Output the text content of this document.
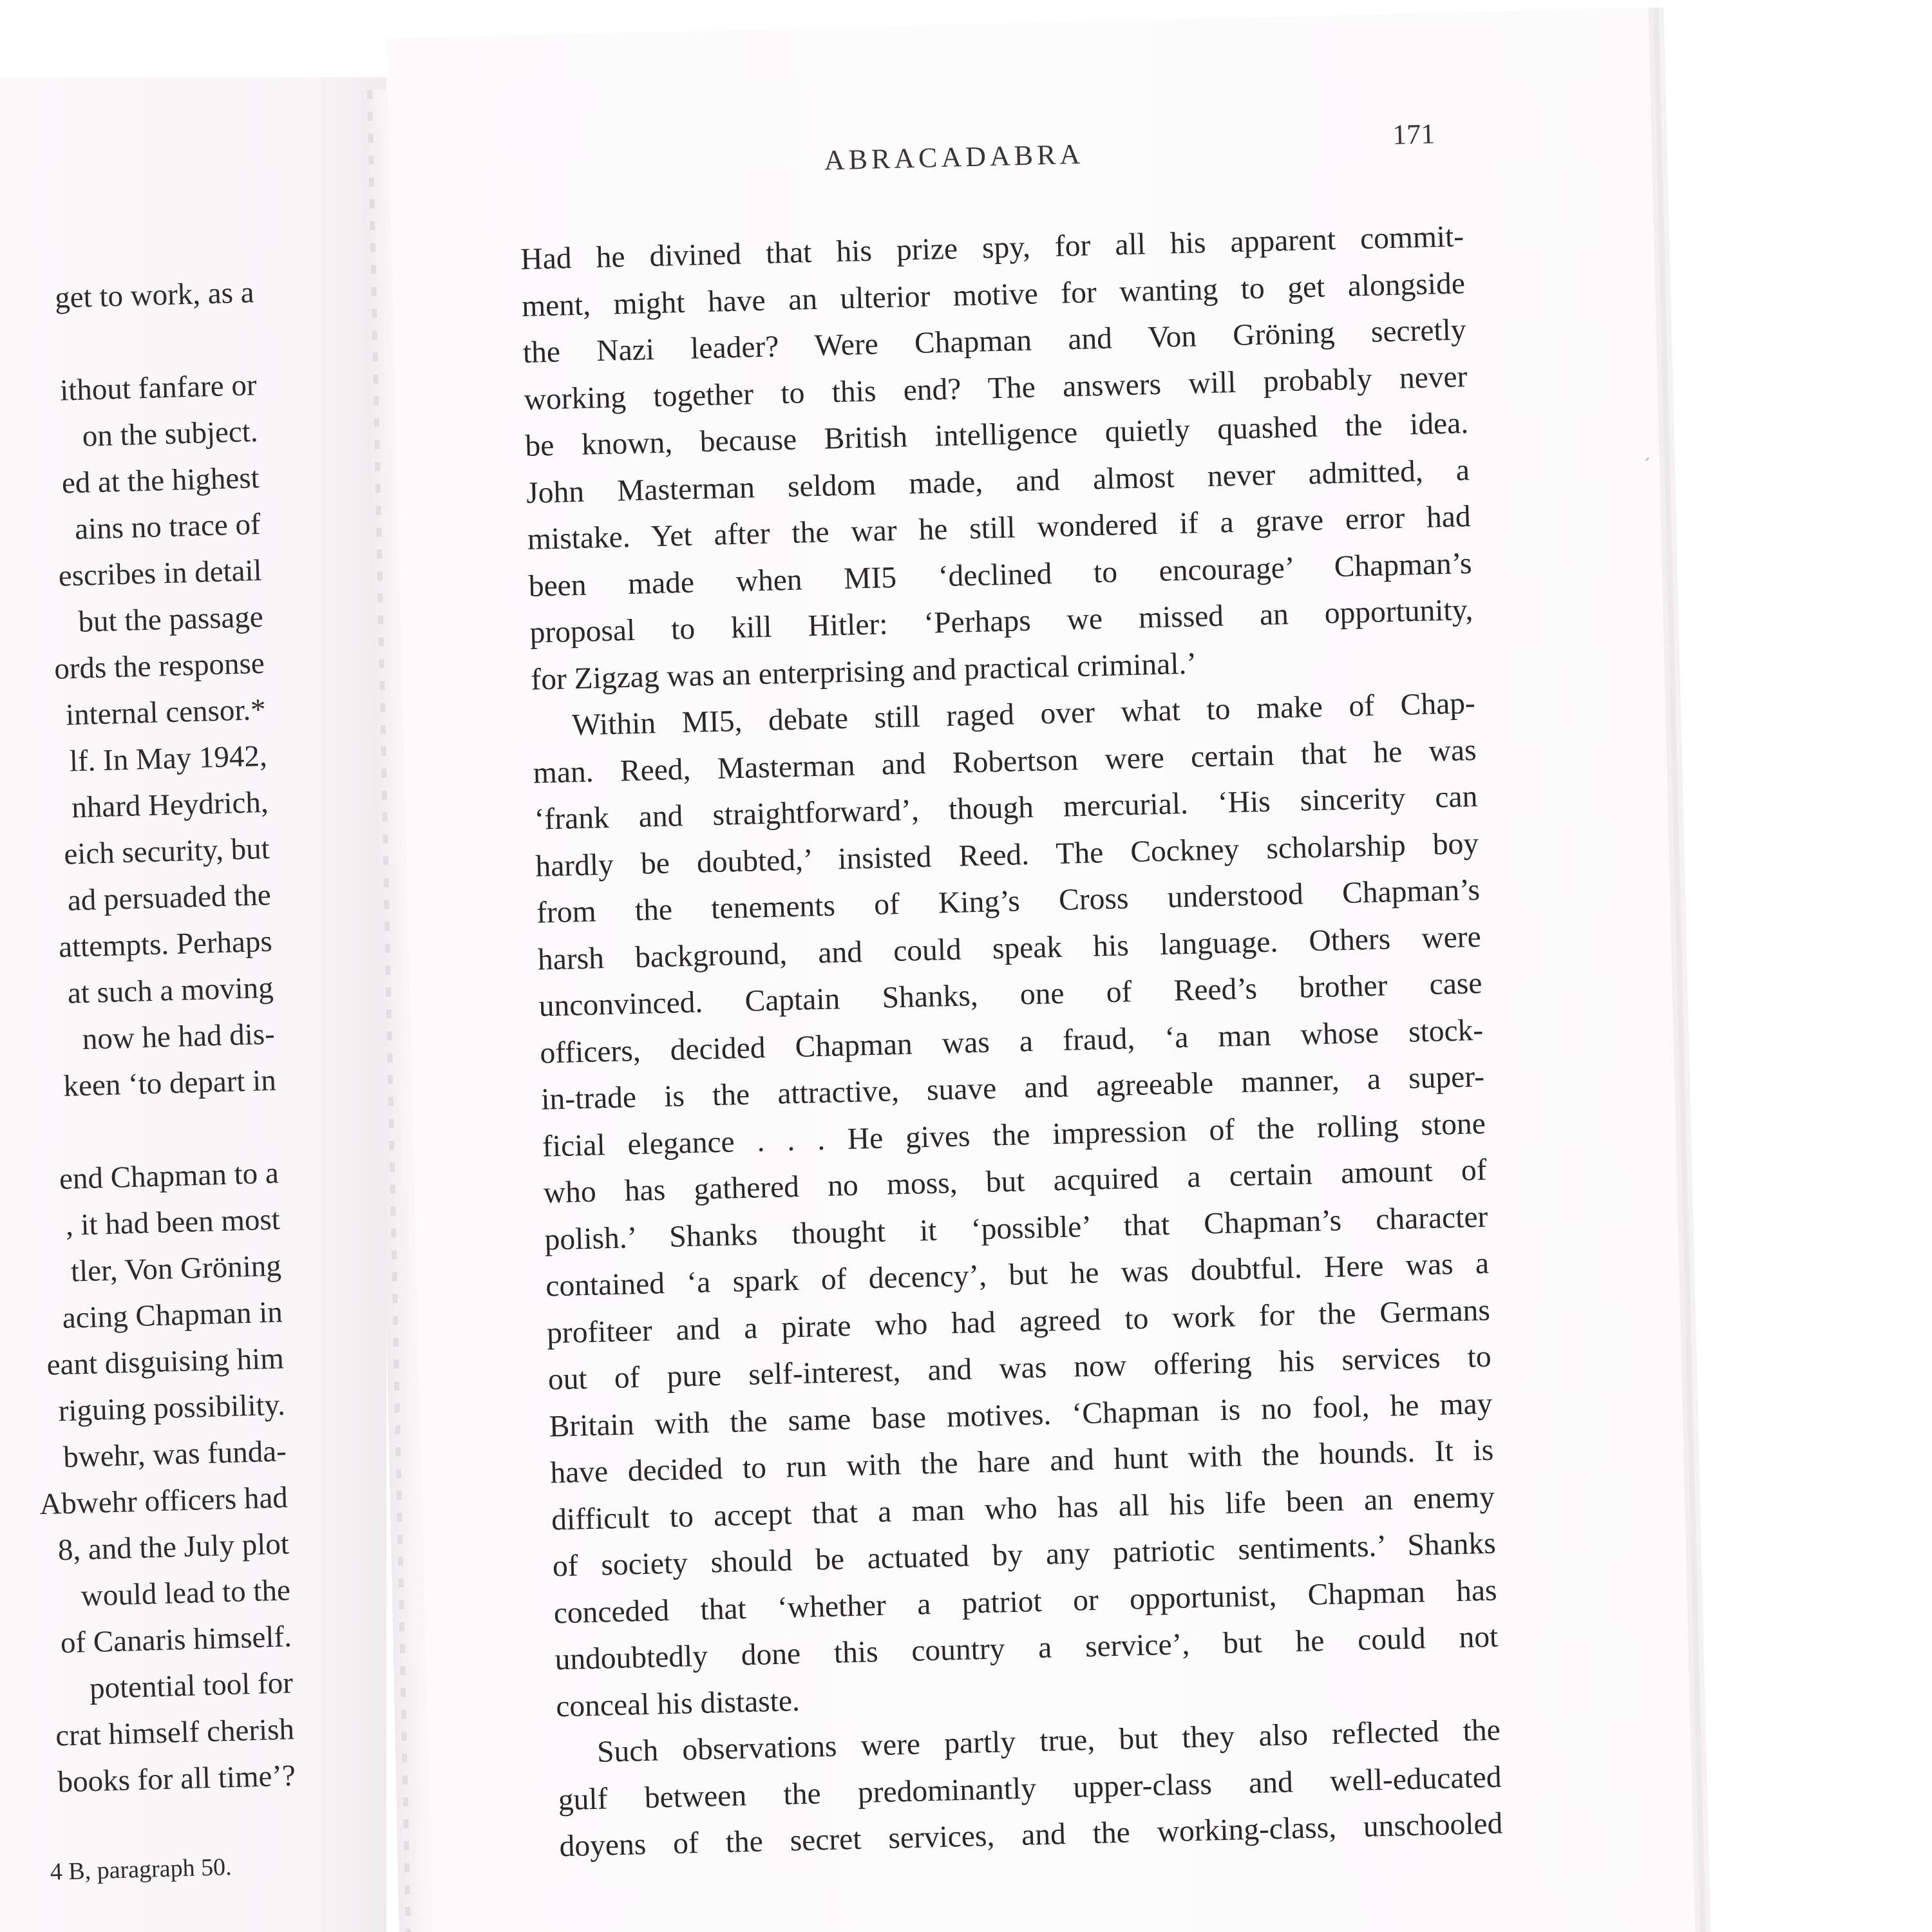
get to work, as a
ithout fanfare or
on the subject.
ed at the highest
ains no trace of
escribes in detail
but the passage
ords the response
internal censor.*
lf. In May 1942,
nhard Heydrich,
eich security, but
ad persuaded the
attempts. Perhaps
at such a moving
now he had dis-
keen ‘to depart in
end Chapman to a
, it had been most
tler, Von Gröning
acing Chapman in
eant disguising him
riguing possibility.
bwehr, was funda-
Abwehr officers had
8, and the July plot
would lead to the
of Canaris himself.
potential tool for
crat himself cherish
books for all time’?
4 B, paragraph 50.
ABRACADABRA
171
Had he divined that his prize spy, for all his apparent commit-
ment, might have an ulterior motive for wanting to get alongside
the Nazi leader? Were Chapman and Von Gröning secretly
working together to this end? The answers will probably never
be known, because British intelligence quietly quashed the idea.
John Masterman seldom made, and almost never admitted, a
mistake. Yet after the war he still wondered if a grave error had
been made when MI5 ‘declined to encourage’ Chapman’s
proposal to kill Hitler: ‘Perhaps we missed an opportunity,
for Zigzag was an enterprising and practical criminal.’
Within MI5, debate still raged over what to make of Chap-
man. Reed, Masterman and Robertson were certain that he was
‘frank and straightforward’, though mercurial. ‘His sincerity can
hardly be doubted,’ insisted Reed. The Cockney scholarship boy
from the tenements of King’s Cross understood Chapman’s
harsh background, and could speak his language. Others were
unconvinced. Captain Shanks, one of Reed’s brother case
officers, decided Chapman was a fraud, ‘a man whose stock-
in-trade is the attractive, suave and agreeable manner, a super-
ficial elegance . . . He gives the impression of the rolling stone
who has gathered no moss, but acquired a certain amount of
polish.’ Shanks thought it ‘possible’ that Chapman’s character
contained ‘a spark of decency’, but he was doubtful. Here was a
profiteer and a pirate who had agreed to work for the Germans
out of pure self-interest, and was now offering his services to
Britain with the same base motives. ‘Chapman is no fool, he may
have decided to run with the hare and hunt with the hounds. It is
difficult to accept that a man who has all his life been an enemy
of society should be actuated by any patriotic sentiments.’ Shanks
conceded that ‘whether a patriot or opportunist, Chapman has
undoubtedly done this country a service’, but he could not
conceal his distaste.
Such observations were partly true, but they also reflected the
gulf between the predominantly upper-class and well-educated
doyens of the secret services, and the working-class, unschooled
